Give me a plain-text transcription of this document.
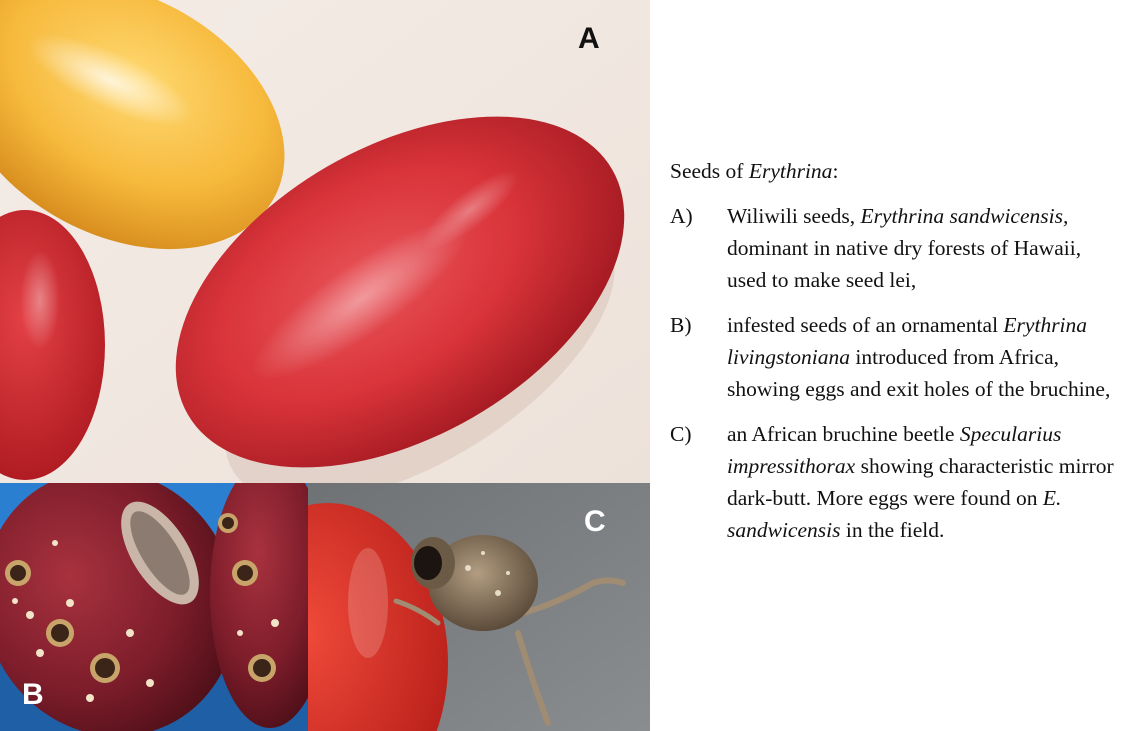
A
B
C
Seeds of Erythrina:
A)	Wiliwili seeds, Erythrina sandwicensis, dominant in native dry forests of Hawaii, used to make seed lei,
B)	infested seeds of an ornamental Erythrina livingstoniana introduced from Africa, showing eggs and exit holes of the bruchine,
C)	an African bruchine beetle Specularius impressithorax showing characteristic mirror dark-butt. More eggs were found on E. sandwicensis in the field.
